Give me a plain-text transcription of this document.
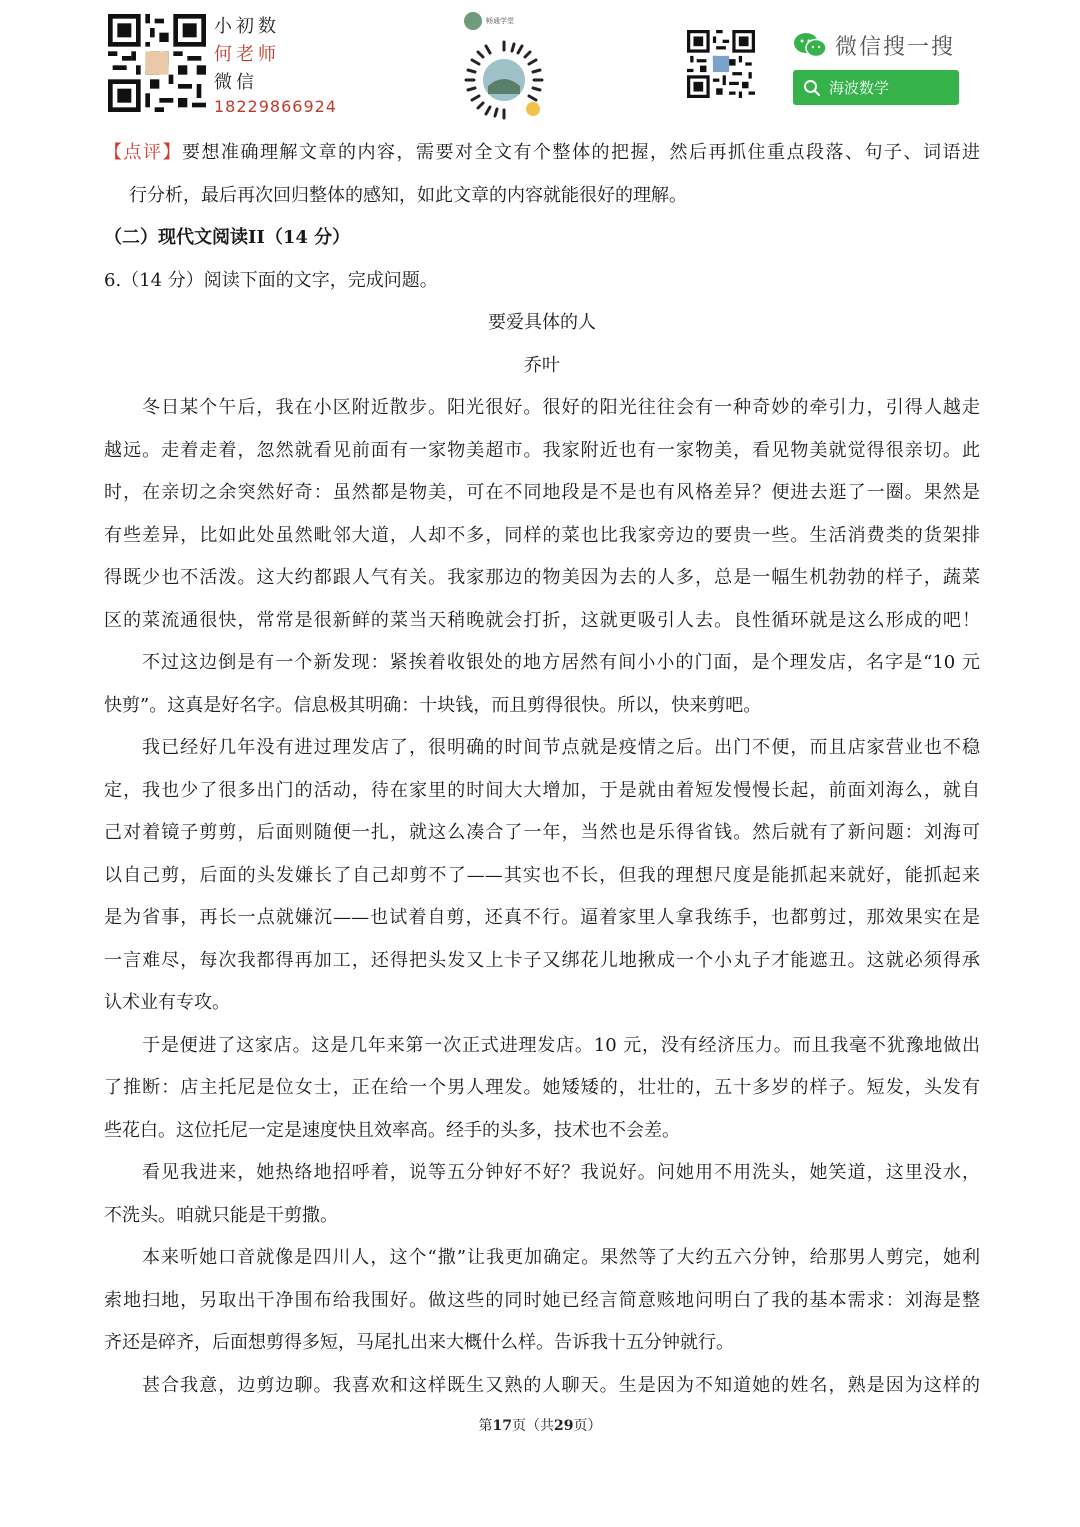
小初数
何老师
微信
18229866924
畅通学堂
微信搜一搜
海波数学
【点评】要想准确理解文章的内容，需要对全文有个整体的把握，然后再抓住重点段落、句子、词语进
行分析，最后再次回归整体的感知，如此文章的内容就能很好的理解。
（二）现代文阅读II（14 分）
6.（14 分）阅读下面的文字，完成问题。
要爱具体的人
乔叶
冬日某个午后，我在小区附近散步。阳光很好。很好的阳光往往会有一种奇妙的牵引力，引得人越走
越远。走着走着，忽然就看见前面有一家物美超市。我家附近也有一家物美，看见物美就觉得很亲切。此
时，在亲切之余突然好奇：虽然都是物美，可在不同地段是不是也有风格差异？便进去逛了一圈。果然是
有些差异，比如此处虽然毗邻大道，人却不多，同样的菜也比我家旁边的要贵一些。生活消费类的货架排
得既少也不活泼。这大约都跟人气有关。我家那边的物美因为去的人多，总是一幅生机勃勃的样子，蔬菜
区的菜流通很快，常常是很新鲜的菜当天稍晚就会打折，这就更吸引人去。良性循环就是这么形成的吧！
不过这边倒是有一个新发现：紧挨着收银处的地方居然有间小小的门面，是个理发店，名字是“10 元
快剪”。这真是好名字。信息极其明确：十块钱，而且剪得很快。所以，快来剪吧。
我已经好几年没有进过理发店了，很明确的时间节点就是疫情之后。出门不便，而且店家营业也不稳
定，我也少了很多出门的活动，待在家里的时间大大增加，于是就由着短发慢慢长起，前面刘海么，就自
己对着镜子剪剪，后面则随便一扎，就这么凑合了一年，当然也是乐得省钱。然后就有了新问题：刘海可
以自己剪，后面的头发嫌长了自己却剪不了——其实也不长，但我的理想尺度是能抓起来就好，能抓起来
是为省事，再长一点就嫌沉——也试着自剪，还真不行。逼着家里人拿我练手，也都剪过，那效果实在是
一言难尽，每次我都得再加工，还得把头发又上卡子又绑花儿地揪成一个小丸子才能遮丑。这就必须得承
认术业有专攻。
于是便进了这家店。这是几年来第一次正式进理发店。10 元，没有经济压力。而且我毫不犹豫地做出
了推断：店主托尼是位女士，正在给一个男人理发。她矮矮的，壮壮的，五十多岁的样子。短发，头发有
些花白。这位托尼一定是速度快且效率高。经手的头多，技术也不会差。
看见我进来，她热络地招呼着，说等五分钟好不好？我说好。问她用不用洗头，她笑道，这里没水，
不洗头。咱就只能是干剪撒。
本来听她口音就像是四川人，这个“撒”让我更加确定。果然等了大约五六分钟，给那男人剪完，她利
索地扫地，另取出干净围布给我围好。做这些的同时她已经言简意赅地问明白了我的基本需求：刘海是整
齐还是碎齐，后面想剪得多短，马尾扎出来大概什么样。告诉我十五分钟就行。
甚合我意，边剪边聊。我喜欢和这样既生又熟的人聊天。生是因为不知道她的姓名，熟是因为这样的
第17页（共29页）
